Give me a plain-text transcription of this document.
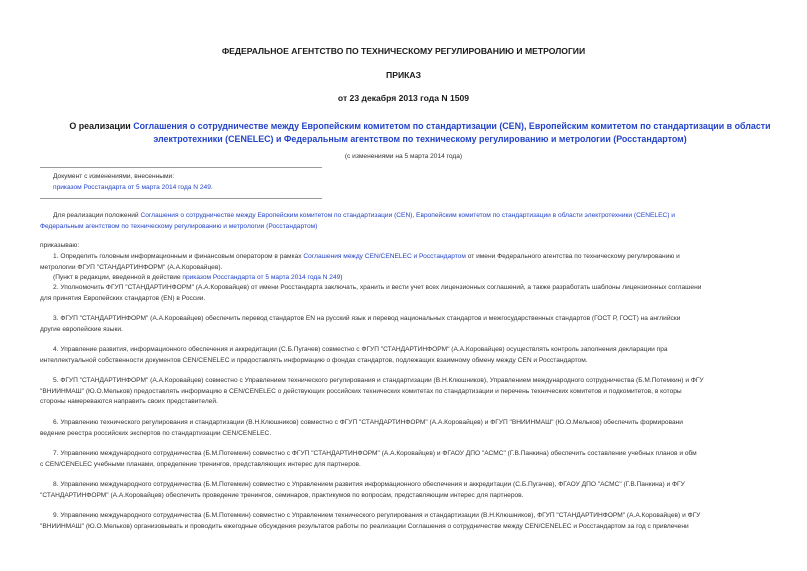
ФЕДЕРАЛЬНОЕ АГЕНТСТВО ПО ТЕХНИЧЕСКОМУ РЕГУЛИРОВАНИЮ И МЕТРОЛОГИИ
ПРИКАЗ
от 23 декабря 2013 года N 1509
О реализации Соглашения о сотрудничестве между Европейским комитетом по стандартизации (CEN), Европейским комитетом по стандартизации в области
электротехники (CENELEC) и Федеральным агентством по техническому регулированию и метрологии (Росстандартом)
(с изменениями на 5 марта 2014 года)
Документ с изменениями, внесенными:
приказом Росстандарта от 5 марта 2014 года N 249.
Для реализации положений Соглашения о сотрудничестве между Европейским комитетом по стандартизации (CEN), Европейским комитетом по стандартизации в области электротехники (CENELEC) и
Федеральным агентством по техническому регулированию и метрологии (Росстандартом)
приказываю:
1. Определить головным информационным и финансовым оператором в рамках Соглашения между CEN/CENELEC и Росстандартом от имени Федерального агентства по техническому регулированию и
метрологии ФГУП "СТАНДАРТИНФОРМ" (А.А.Коровайцев).
(Пункт в редакции, введенной в действие приказом Росстандарта от 5 марта 2014 года N 249)
2. Уполномочить ФГУП "СТАНДАРТИНФОРМ" (А.А.Коровайцев) от имени Росстандарта заключать, хранить и вести учет всех лицензионных соглашений, а также разработать шаблоны лицензионных соглашени
для принятия Европейских стандартов (EN) в России.
3. ФГУП "СТАНДАРТИНФОРМ" (А.А.Коровайцев) обеспечить перевод стандартов EN на русский язык и перевод национальных стандартов и межгосударственных стандартов (ГОСТ Р, ГОСТ) на английски
другие европейские языки.
4. Управление развития, информационного обеспечения и аккредитации (С.Б.Пугачев) совместно с ФГУП "СТАНДАРТИНФОРМ" (А.А.Коровайцев) осуществлять контроль заполнения декларации пра
интеллектуальной собственности документов CEN/CENELEC и предоставлять информацию о фондах стандартов, подлежащих взаимному обмену между CEN и Росстандартом.
5. ФГУП "СТАНДАРТИНФОРМ" (А.А.Коровайцев) совместно с Управлением технического регулирования и стандартизации (В.Н.Клюшников), Управлением международного сотрудничества (Б.М.Потемкин) и ФГУ
"ВНИИНМАШ" (Ю.О.Мельков) предоставлять информацию в CEN/CENELEC о действующих российских технических комитетах по стандартизации и перечень технических комитетов и подкомитетов, в которы
стороны намереваются направить своих представителей.
6. Управлению технического регулирования и стандартизации (В.Н.Клюшников) совместно с ФГУП "СТАНДАРТИНФОРМ" (А.А.Коровайцев) и ФГУП "ВНИИНМАШ" (Ю.О.Мельков) обеспечить формировани
ведение реестра российских экспертов по стандартизации CEN/CENELEC.
7. Управлению международного сотрудничества (Б.М.Потемкин) совместно с ФГУП "СТАНДАРТИНФОРМ" (А.А.Коровайцев) и ФГАОУ ДПО "АСМС" (Г.В.Панкина) обеспечить составление учебных планов и обм
с CEN/CENELEC учебными планами, определение тренингов, представляющих интерес для партнеров.
8. Управлению международного сотрудничества (Б.М.Потемкин) совместно с Управлением развития информационного обеспечения и аккредитации (С.Б.Пугачев), ФГАОУ ДПО "АСМС" (Г.В.Панкина) и ФГУ
"СТАНДАРТИНФОРМ" (А.А.Коровайцев) обеспечить проведение тренингов, семинаров, практикумов по вопросам, представляющим интерес для партнеров.
9. Управлению международного сотрудничества (Б.М.Потемкин) совместно с Управлением технического регулирования и стандартизации (В.Н.Клюшников), ФГУП "СТАНДАРТИНФОРМ" (А.А.Коровайцев) и ФГУ
"ВНИИНМАШ" (Ю.О.Мельков) организовывать и проводить ежегодные обсуждения результатов работы по реализации Соглашения о сотрудничестве между CEN/CENELEC и Росстандартом за год с привлечени
